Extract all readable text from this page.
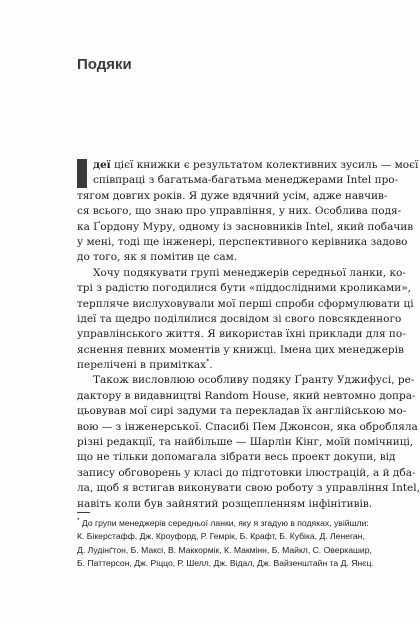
Подяки
деї цієї книжки є результатом колективних зусиль — моєї
співпраці з багатьма-багатьма менеджерами Intel про-
тягом довгих років. Я дуже вдячний усім, адже навчив-
ся всього, що знаю про управління, у них. Особлива подя-
ка Ґордону Муру, одному із засновників Intel, який побачив
у мені, тоді ще інженері, перспективного керівника задово
до того, як я помітив це сам.
Хочу подякувати групі менеджерів середньої ланки, ко-
трі з радістю погодилися бути «піддослідними кроликами»,
терпляче вислуховували мої перші спроби сформулювати ці
ідеї та щедро поділилися досвідом зі свого повсякденного
управлінського життя. Я використав їхні приклади для по-
яснення певних моментів у книжці. Імена цих менеджерів
перелічені в примітках*.
Також висловлюю особливу подяку Ґранту Уджифусі, ре-
дактору в видавництві Random House, який невтомно допра-
цьовував мої сирі задуми та перекладав їх англійською мо-
вою — з інженерської. Спасибі Пем Джонсон, яка обробляла
різні редакції, та найбільше — Шарлін Кінг, моїй помічниці,
що не тільки допомагала зібрати весь проект докупи, від
запису обговорень у класі до підготовки ілюстрацій, а й дба-
ла, щоб я встигав виконувати свою роботу з управління Intel,
навіть коли був зайнятий розщепленням інфінітивів.
* До групи менеджерів середньої ланки, яку я згадую в подяках, увійшли:
К. Бікерстафф, Дж. Кроуфорд, Р. Гемрік, Б. Крафт, Б. Кубіка, Д. Ленеган,
Д. Лудінґтон, Б. Максі, В. Маккормік, К. Макмінн, Б. Майкл, С. Оверкашир,
Б. Паттерсон, Дж. Ріццо, Р. Шелл, Дж. Відал, Дж. Вайзенштайн та Д. Янєц.
